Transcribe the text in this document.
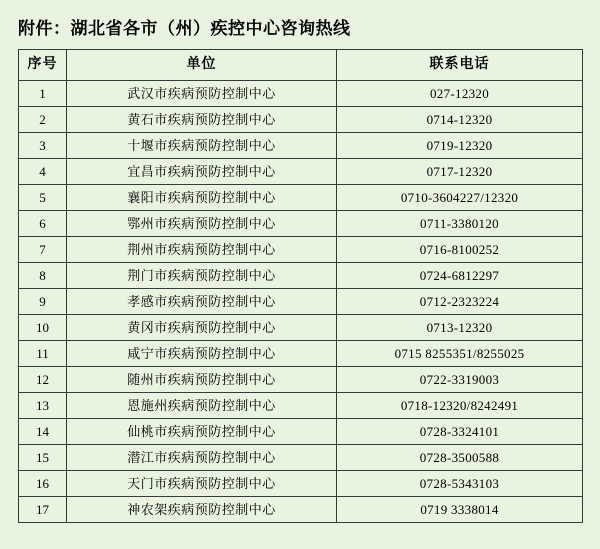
附件：湖北省各市（州）疾控中心咨询热线
序号	单位	联系电话
1	武汉市疾病预防控制中心	027-12320
2	黄石市疾病预防控制中心	0714-12320
3	十堰市疾病预防控制中心	0719-12320
4	宜昌市疾病预防控制中心	0717-12320
5	襄阳市疾病预防控制中心	0710-3604227/12320
6	鄂州市疾病预防控制中心	0711-3380120
7	荆州市疾病预防控制中心	0716-8100252
8	荆门市疾病预防控制中心	0724-6812297
9	孝感市疾病预防控制中心	0712-2323224
10	黄冈市疾病预防控制中心	0713-12320
11	咸宁市疾病预防控制中心	0715 8255351/8255025
12	随州市疾病预防控制中心	0722-3319003
13	恩施州疾病预防控制中心	0718-12320/8242491
14	仙桃市疾病预防控制中心	0728-3324101
15	潜江市疾病预防控制中心	0728-3500588
16	天门市疾病预防控制中心	0728-5343103
17	神农架疾病预防控制中心	0719 3338014
